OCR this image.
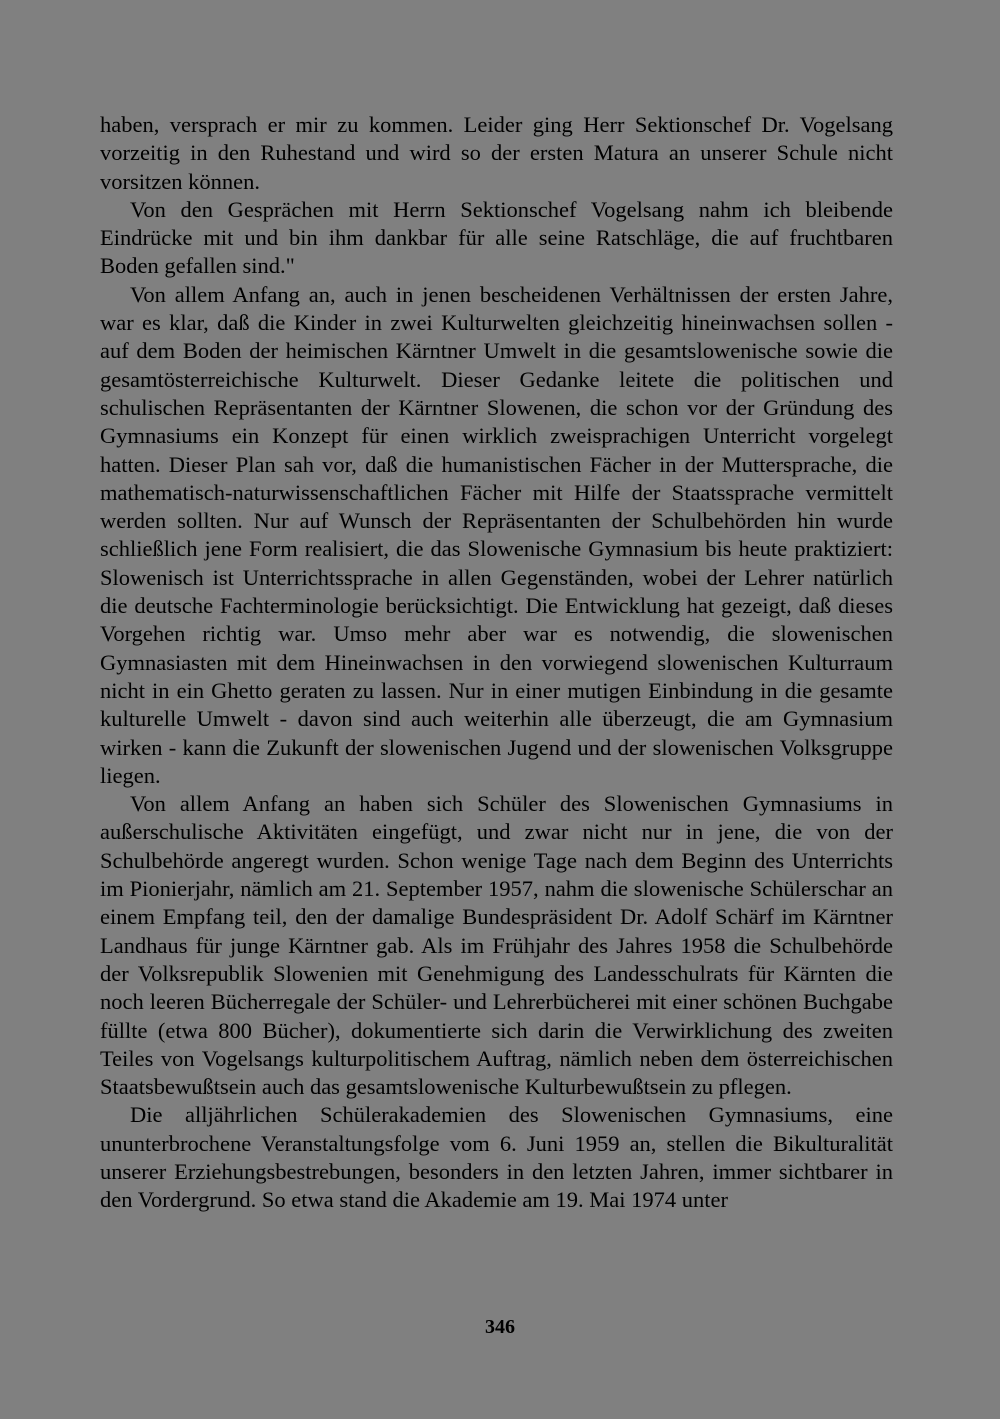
haben, versprach er mir zu kommen. Leider ging Herr Sektionschef Dr. Vogelsang vorzeitig in den Ruhestand und wird so der ersten Matura an unserer Schule nicht vorsitzen können.

Von den Gesprächen mit Herrn Sektionschef Vogelsang nahm ich bleibende Eindrücke mit und bin ihm dankbar für alle seine Ratschläge, die auf fruchtbaren Boden gefallen sind."

Von allem Anfang an, auch in jenen bescheidenen Verhältnissen der ersten Jahre, war es klar, daß die Kinder in zwei Kulturwelten gleichzeitig hineinwachsen sollen - auf dem Boden der heimischen Kärntner Umwelt in die gesamtslowenische sowie die gesamtösterreichische Kulturwelt. Dieser Gedanke leitete die politischen und schulischen Repräsentanten der Kärntner Slowenen, die schon vor der Gründung des Gymnasiums ein Konzept für einen wirklich zweisprachigen Unterricht vorgelegt hatten. Dieser Plan sah vor, daß die humanistischen Fächer in der Muttersprache, die mathematisch-naturwissenschaftlichen Fächer mit Hilfe der Staatssprache vermittelt werden sollten. Nur auf Wunsch der Repräsentanten der Schulbehörden hin wurde schließlich jene Form realisiert, die das Slowenische Gymnasium bis heute praktiziert: Slowenisch ist Unterrichtssprache in allen Gegenständen, wobei der Lehrer natürlich die deutsche Fachterminologie berücksichtigt. Die Entwicklung hat gezeigt, daß dieses Vorgehen richtig war. Umso mehr aber war es notwendig, die slowenischen Gymnasiasten mit dem Hineinwachsen in den vorwiegend slowenischen Kulturraum nicht in ein Ghetto geraten zu lassen. Nur in einer mutigen Einbindung in die gesamte kulturelle Umwelt - davon sind auch weiterhin alle überzeugt, die am Gymnasium wirken - kann die Zukunft der slowenischen Jugend und der slowenischen Volksgruppe liegen.

Von allem Anfang an haben sich Schüler des Slowenischen Gymnasiums in außerschulische Aktivitäten eingefügt, und zwar nicht nur in jene, die von der Schulbehörde angeregt wurden. Schon wenige Tage nach dem Beginn des Unterrichts im Pionierjahr, nämlich am 21. September 1957, nahm die slowenische Schülerschar an einem Empfang teil, den der damalige Bundespräsident Dr. Adolf Schärf im Kärntner Landhaus für junge Kärntner gab. Als im Frühjahr des Jahres 1958 die Schulbehörde der Volksrepublik Slowenien mit Genehmigung des Landesschulrats für Kärnten die noch leeren Bücherregale der Schüler- und Lehrerbücherei mit einer schönen Buchgabe füllte (etwa 800 Bücher), dokumentierte sich darin die Verwirklichung des zweiten Teiles von Vogelsangs kulturpolitischem Auftrag, nämlich neben dem österreichischen Staatsbewußtsein auch das gesamtslowenische Kulturbewußtsein zu pflegen.

Die alljährlichen Schülerakademien des Slowenischen Gymnasiums, eine ununterbrochene Veranstaltungsfolge vom 6. Juni 1959 an, stellen die Bikulturalität unserer Erziehungsbestrebungen, besonders in den letzten Jahren, immer sichtbarer in den Vordergrund. So etwa stand die Akademie am 19. Mai 1974 unter

346
